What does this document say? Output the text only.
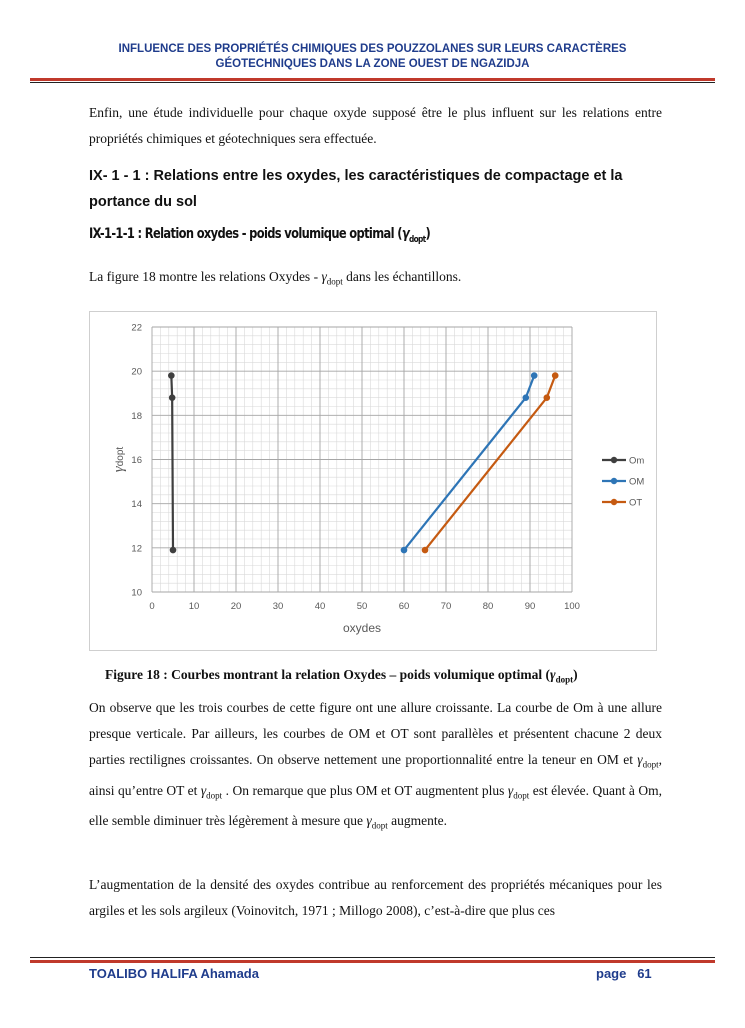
INFLUENCE DES PROPRIÉTÉS CHIMIQUES DES POUZZOLANES SUR LEURS CARACTÈRES
GÉOTECHNIQUES DANS LA ZONE OUEST DE NGAZIDJA
Enfin, une étude individuelle pour chaque oxyde supposé être le plus influent sur les relations entre propriétés chimiques et géotechniques sera effectuée.
IX- 1 - 1 : Relations entre les oxydes, les caractéristiques de compactage et la portance du sol
IX-1-1-1 : Relation oxydes - poids volumique optimal $(\gamma_{dopt})$
La figure 18 montre les relations Oxydes - $\gamma_{dopt}$ dans les échantillons.
0	10	20	30	40	50	60	70	80	90	100
10
12
14
16
18
20
22
oxydes
γdopt	Om
OM
OT
Figure 18 : Courbes montrant la relation Oxydes – poids volumique optimal $(\gamma_{dopt})$
On observe que les trois courbes de cette figure ont une allure croissante. La courbe de Om à une allure presque verticale. Par ailleurs, les courbes de OM et OT sont parallèles et présentent chacune 2 deux parties rectilignes croissantes. On observe nettement une proportionnalité entre la teneur en OM et $\gamma_{dopt}$, ainsi qu’entre OT et $\gamma_{dopt}$ . On remarque que plus OM et OT augmentent plus $\gamma_{dopt}$ est élevée. Quant à Om, elle semble diminuer très légèrement à mesure que $\gamma_{dopt}$ augmente.
L’augmentation de la densité des oxydes contribue au renforcement des propriétés mécaniques pour les argiles et les sols argileux (Voinovitch, 1971 ; Millogo 2008), c’est-à-dire que plus ces
TOALIBO HALIFA Ahamada	page 61
